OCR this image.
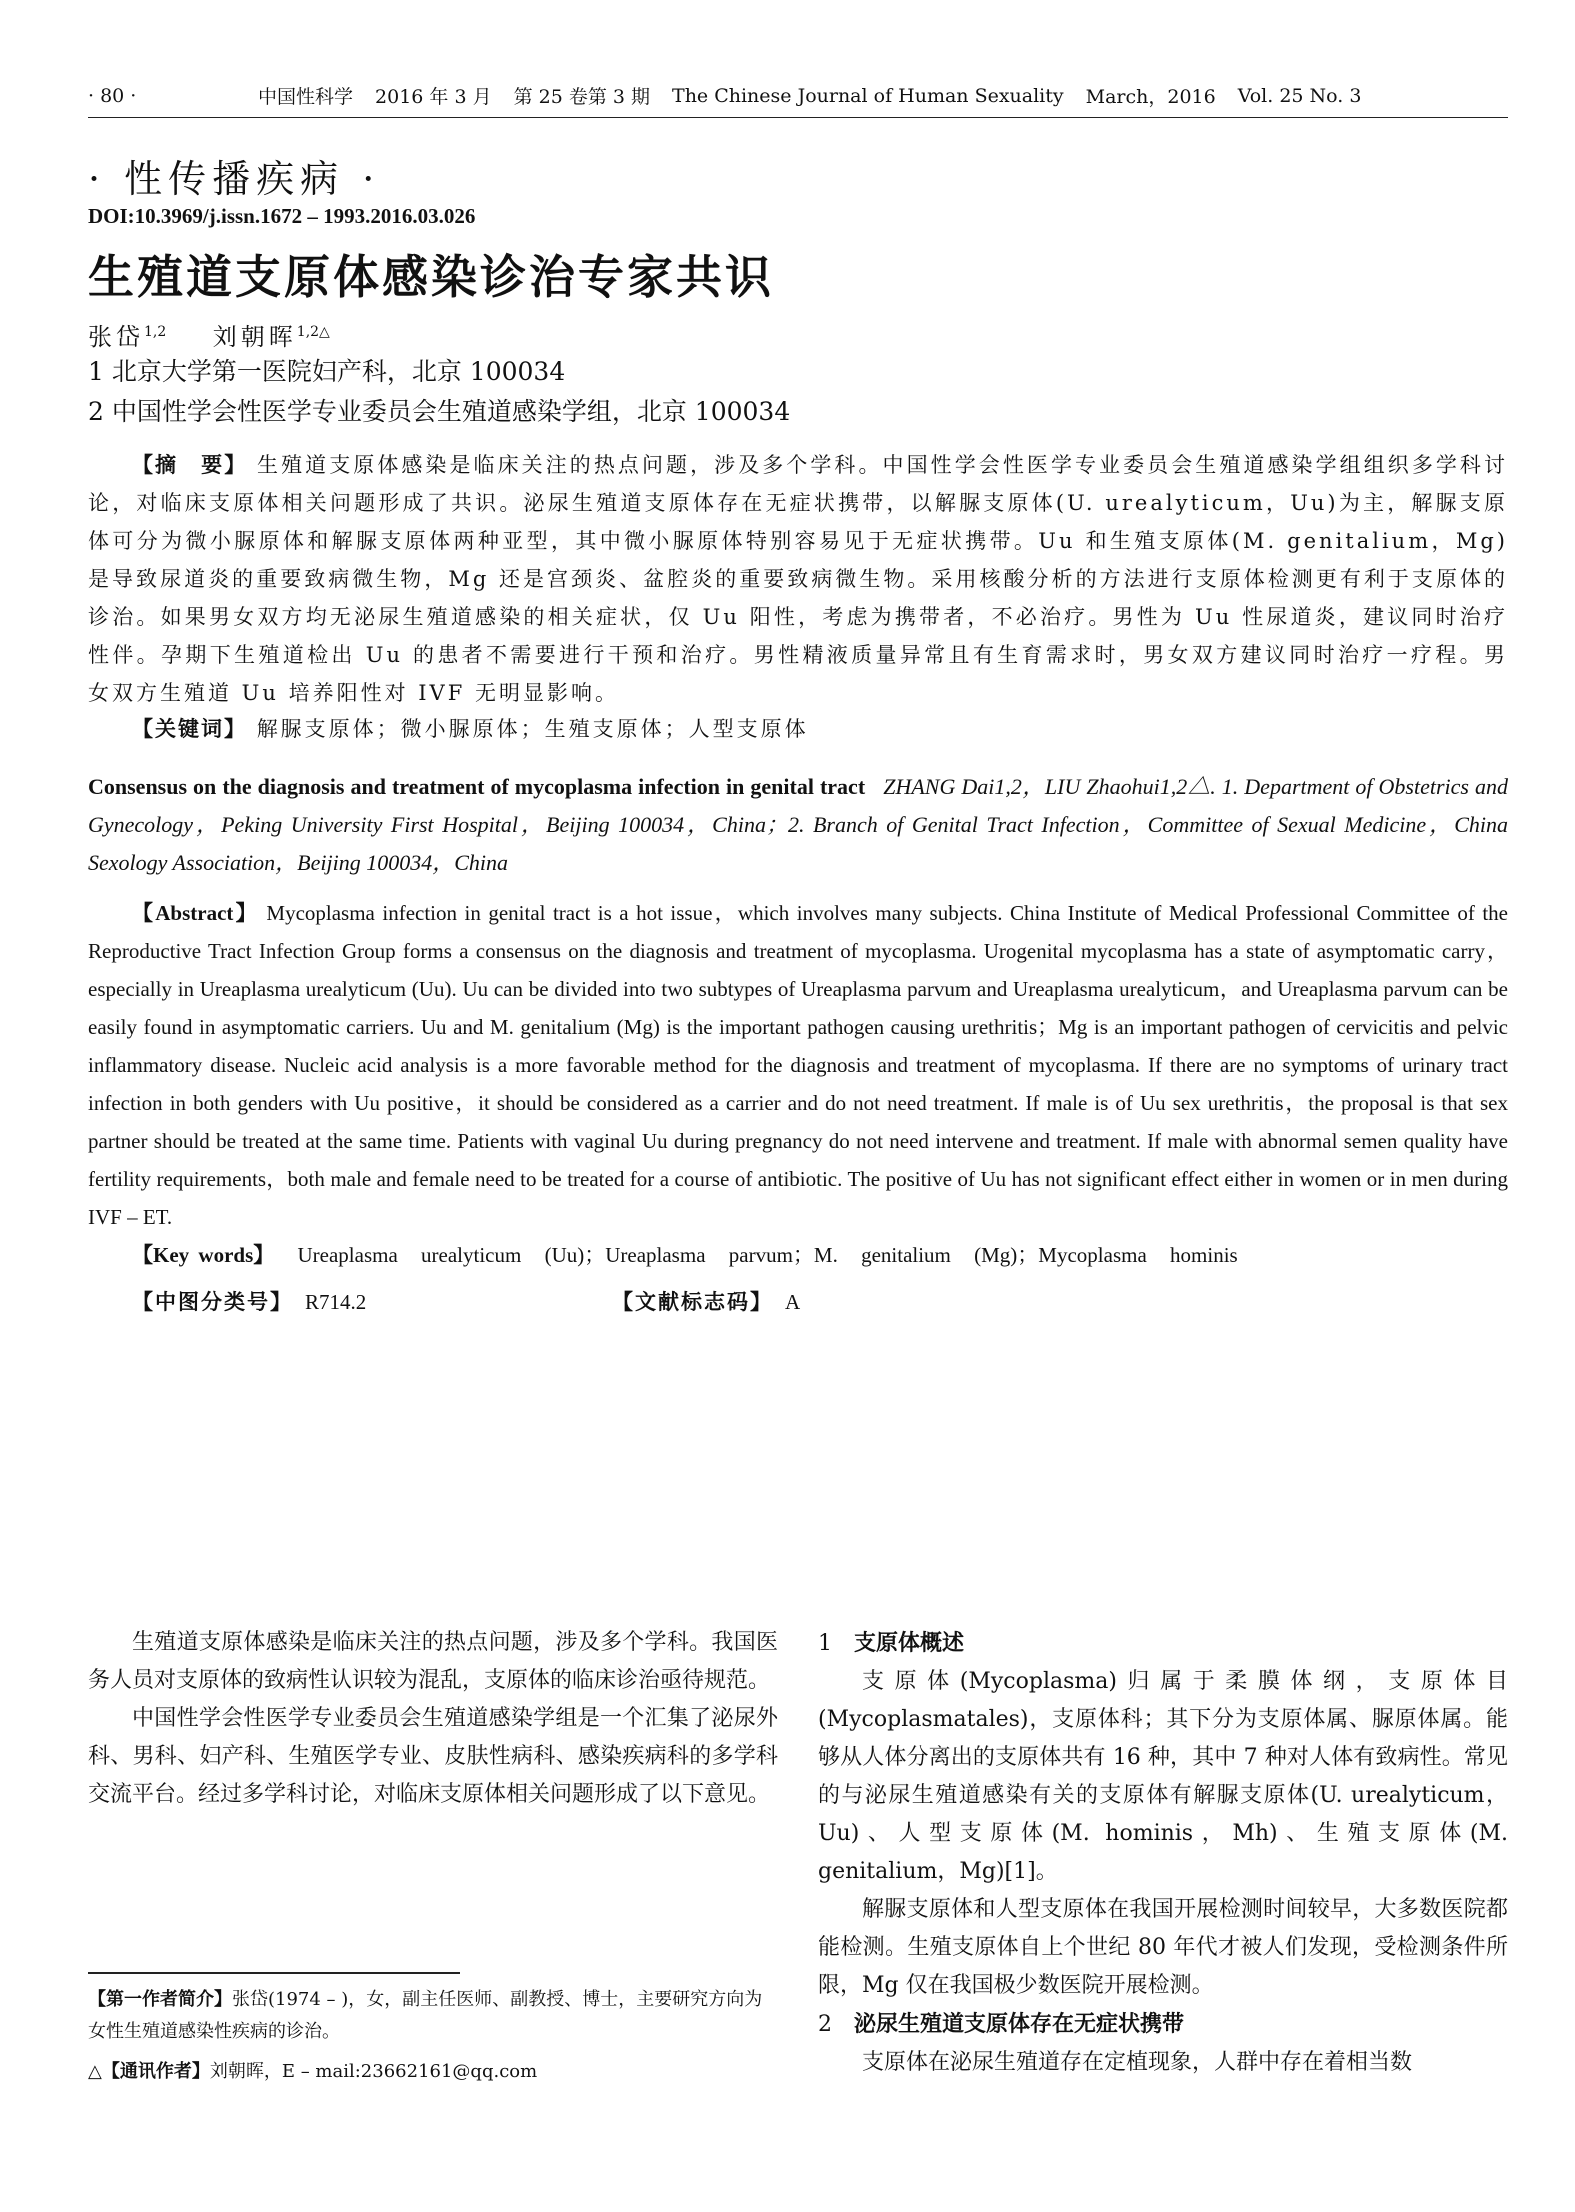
· 80 ·	中国性科学 2016 年 3 月 第 25 卷第 3 期 The Chinese Journal of Human Sexuality March，2016 Vol. 25 No. 3
· 性传播疾病 ·
DOI:10.3969/j.issn.1672 – 1993.2016.03.026
生殖道支原体感染诊治专家共识
张岱$^{1,2}$ 刘朝晖$^{1,2\triangle}$
1 北京大学第一医院妇产科，北京 100034
2 中国性学会性医学专业委员会生殖道感染学组，北京 100034
【摘　要】 生殖道支原体感染是临床关注的热点问题，涉及多个学科。中国性学会性医学专业委员会生殖道感染学组组织多学科讨论，对临床支原体相关问题形成了共识。泌尿生殖道支原体存在无症状携带，以解脲支原体(U. urealyticum，Uu)为主，解脲支原体可分为微小脲原体和解脲支原体两种亚型，其中微小脲原体特别容易见于无症状携带。Uu 和生殖支原体(M. genitalium，Mg)是导致尿道炎的重要致病微生物，Mg 还是宫颈炎、盆腔炎的重要致病微生物。采用核酸分析的方法进行支原体检测更有利于支原体的诊治。如果男女双方均无泌尿生殖道感染的相关症状，仅 Uu 阳性，考虑为携带者，不必治疗。男性为 Uu 性尿道炎，建议同时治疗性伴。孕期下生殖道检出 Uu 的患者不需要进行干预和治疗。男性精液质量异常且有生育需求时，男女双方建议同时治疗一疗程。男女双方生殖道 Uu 培养阳性对 IVF 无明显影响。
【关键词】 解脲支原体；微小脲原体；生殖支原体；人型支原体
Consensus on the diagnosis and treatment of mycoplasma infection in genital tract ZHANG Dai1,2，LIU Zhaohui1,2△. 1. Department of Obstetrics and Gynecology，Peking University First Hospital，Beijing 100034，China；2. Branch of Genital Tract Infection，Committee of Sexual Medicine，China Sexology Association，Beijing 100034，China
【Abstract】 Mycoplasma infection in genital tract is a hot issue，which involves many subjects. China Institute of Medical Professional Committee of the Reproductive Tract Infection Group forms a consensus on the diagnosis and treatment of mycoplasma. Urogenital mycoplasma has a state of asymptomatic carry，especially in Ureaplasma urealyticum (Uu). Uu can be divided into two subtypes of Ureaplasma parvum and Ureaplasma urealyticum，and Ureaplasma parvum can be easily found in asymptomatic carriers. Uu and M. genitalium (Mg) is the important pathogen causing urethritis；Mg is an important pathogen of cervicitis and pelvic inflammatory disease. Nucleic acid analysis is a more favorable method for the diagnosis and treatment of mycoplasma. If there are no symptoms of urinary tract infection in both genders with Uu positive，it should be considered as a carrier and do not need treatment. If male is of Uu sex urethritis，the proposal is that sex partner should be treated at the same time. Patients with vaginal Uu during pregnancy do not need intervene and treatment. If male with abnormal semen quality have fertility requirements，both male and female need to be treated for a course of antibiotic. The positive of Uu has not significant effect either in women or in men during IVF – ET.
【Key words】 Ureaplasma urealyticum (Uu)；Ureaplasma parvum；M. genitalium (Mg)；Mycoplasma hominis
【中图分类号】 R714.2	【文献标志码】 A

生殖道支原体感染是临床关注的热点问题，涉及多个学科。我国医务人员对支原体的致病性认识较为混乱，支原体的临床诊治亟待规范。

中国性学会性医学专业委员会生殖道感染学组是一个汇集了泌尿外科、男科、妇产科、生殖医学专业、皮肤性病科、感染疾病科的多学科交流平台。经过多学科讨论，对临床支原体相关问题形成了以下意见。

【第一作者简介】张岱(1974 – )，女，副主任医师、副教授、博士，主要研究方向为女性生殖道感染性疾病的诊治。
△【通讯作者】刘朝晖，E – mail:23662161@qq.com

1 支原体概述

支原体(Mycoplasma)归属于柔膜体纲，支原体目(Mycoplasmatales)，支原体科；其下分为支原体属、脲原体属。能够从人体分离出的支原体共有 16 种，其中 7 种对人体有致病性。常见的与泌尿生殖道感染有关的支原体有解脲支原体(U. urealyticum，Uu)、人型支原体(M. hominis，Mh)、生殖支原体(M. genitalium，Mg)[1]。

解脲支原体和人型支原体在我国开展检测时间较早，大多数医院都能检测。生殖支原体自上个世纪 80 年代才被人们发现，受检测条件所限，Mg 仅在我国极少数医院开展检测。

2 泌尿生殖道支原体存在无症状携带

支原体在泌尿生殖道存在定植现象，人群中存在着相当数
